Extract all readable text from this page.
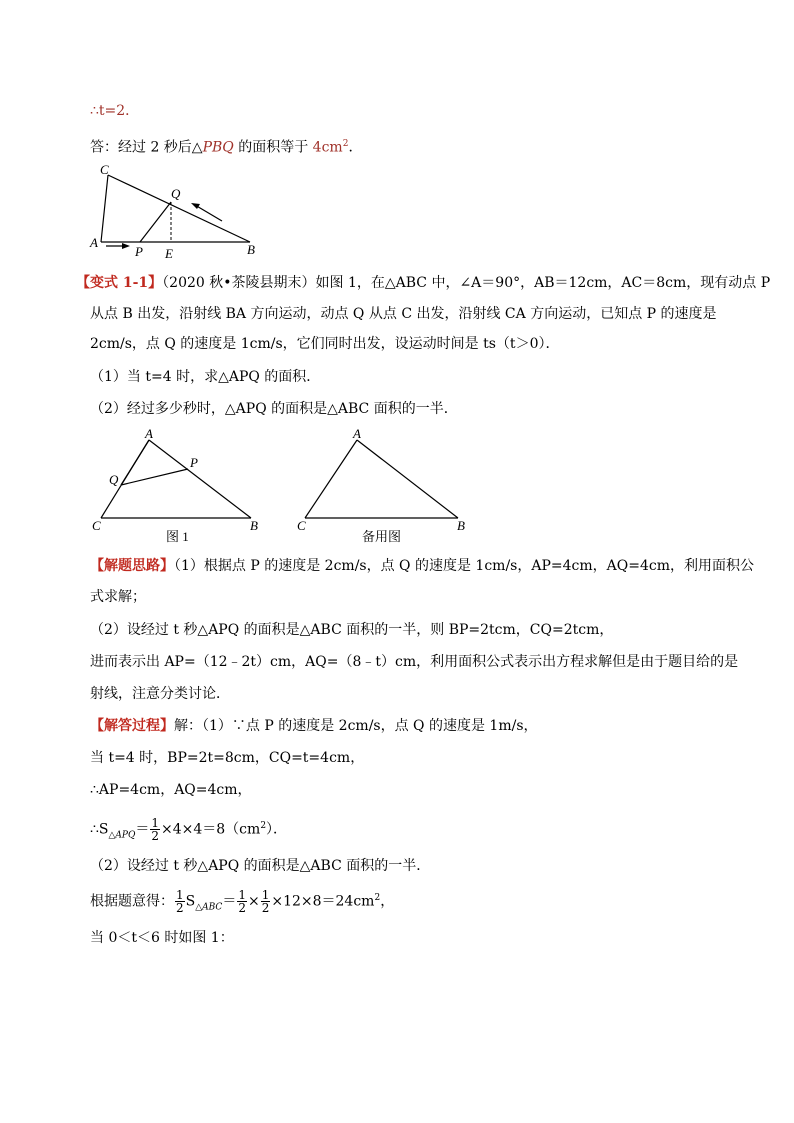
∴t=2．
答：经过 2 秒后△PBQ 的面积等于 $4cm^2$．
C
Q
A
P E	B
【变式 1-1】（2020 秋•茶陵县期末）如图 1，在△ABC 中，∠A＝90°，AB＝12cm，AC＝8cm，现有动点 P
从点 B 出发，沿射线 BA 方向运动，动点 Q 从点 C 出发，沿射线 CA 方向运动，已知点 P 的速度是
2cm/s，点 Q 的速度是 1cm/s，它们同时出发，设运动时间是 ts（t＞0）．
（1）当 t=4 时，求△APQ 的面积．
（2）经过多少秒时，△APQ 的面积是△ABC 面积的一半．
A
P
Q
C	B
图 1
A
C	B
备用图
【解题思路】（1）根据点 P 的速度是 2cm/s，点 Q 的速度是 1cm/s，AP=4cm，AQ=4cm，利用面积公
式求解；
（2）设经过 t 秒△APQ 的面积是△ABC 面积的一半，则 BP=2tcm，CQ=2tcm，
进而表示出 AP=（12﹣2t）cm，AQ=（8﹣t）cm，利用面积公式表示出方程求解但是由于题目给的是
射线，注意分类讨论．
【解答过程】解：（1）∵点 P 的速度是 2cm/s，点 Q 的速度是 1m/s，
当 t=4 时，BP=2t=8cm，CQ=t=4cm，
∴AP=4cm，AQ=4cm，
$\therefore S_{\triangle APQ}= \frac{1}{2} \times 4\times 4=8(cm^2)$．
（2）设经过 t 秒△APQ 的面积是△ABC 面积的一半．
根据题意得： $\frac{1}{2} S_{\triangle ABC}= \frac{1}{2} \times \frac{1}{2} \times 12\times 8=24cm^2$，
当 0＜t＜6 时如图 1：
